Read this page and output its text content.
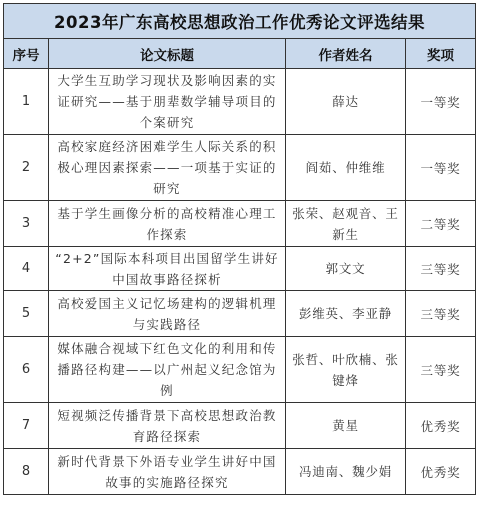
2023年广东高校思想政治工作优秀论文评选结果			
序号	论文标题	作者姓名	奖项
1	大学生互助学习现状及影响因素的实证研究——基于朋辈数学辅导项目的个案研究	薛达	一等奖
2	高校家庭经济困难学生人际关系的积极心理因素探索——一项基于实证的研究	阎茹、仲维维	一等奖
3	基于学生画像分析的高校精准心理工作探索	张荣、赵观音、王新生	二等奖
4	“2+2”国际本科项目出国留学生讲好中国故事路径探析	郭文文	三等奖
5	高校爱国主义记忆场建构的逻辑机理与实践路径	彭维英、李亚静	三等奖
6	媒体融合视域下红色文化的利用和传播路径构建——以广州起义纪念馆为例	张哲、叶欣楠、张键烽	三等奖
7	短视频泛传播背景下高校思想政治教育路径探索	黄星	优秀奖
8	新时代背景下外语专业学生讲好中国故事的实施路径探究	冯迪南、魏少娟	优秀奖
